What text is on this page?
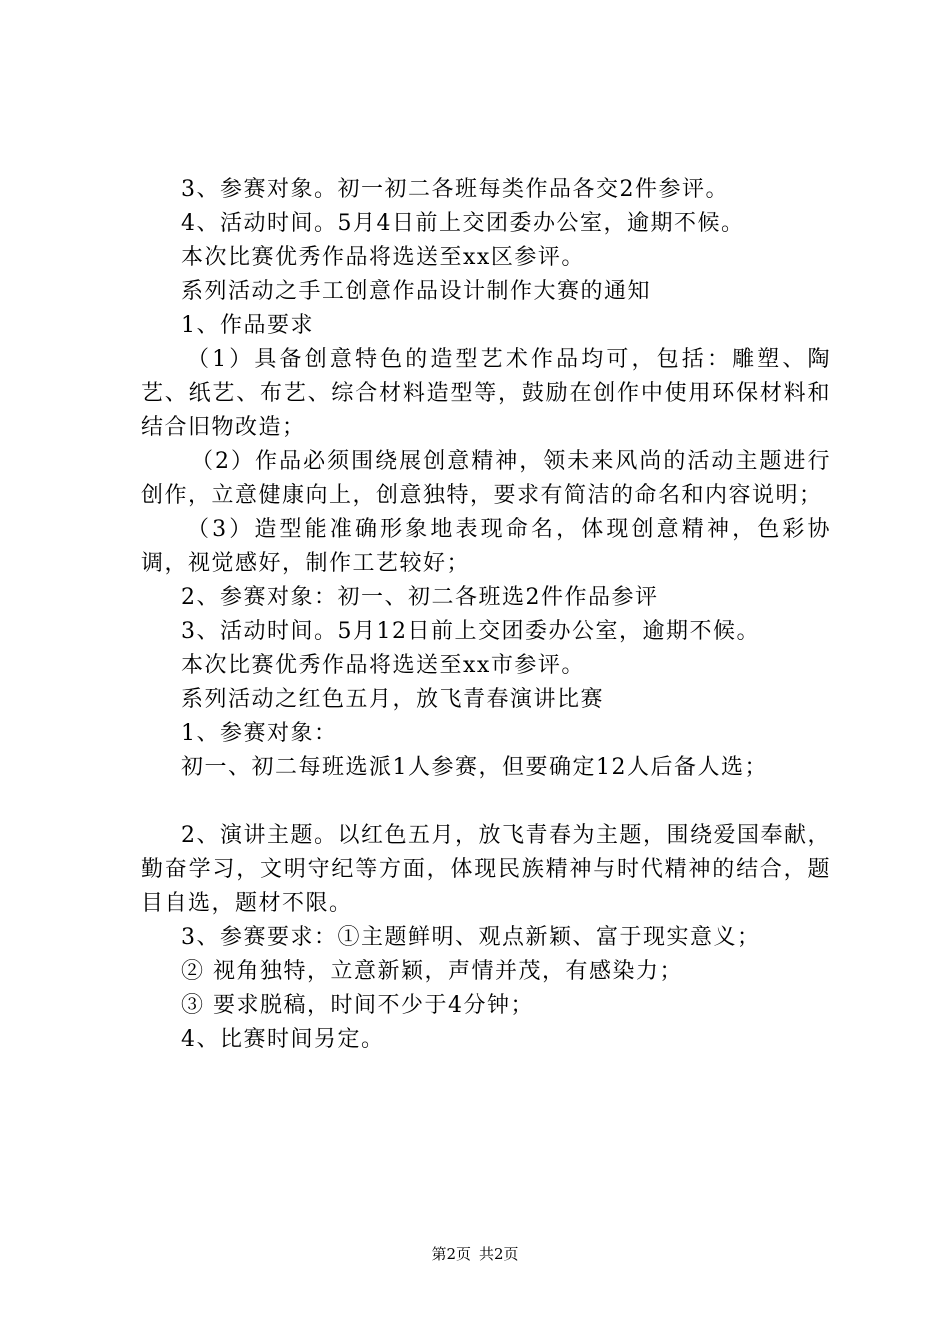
3、参赛对象。初一初二各班每类作品各交2件参评。

4、活动时间。5月4日前上交团委办公室，逾期不候。

本次比赛优秀作品将选送至xx区参评。

系列活动之手工创意作品设计制作大赛的通知

1、作品要求

（1）具备创意特色的造型艺术作品均可，包括：雕塑、陶艺、纸艺、布艺、综合材料造型等，鼓励在创作中使用环保材料和结合旧物改造；

（2）作品必须围绕展创意精神，领未来风尚的活动主题进行创作，立意健康向上，创意独特，要求有简洁的命名和内容说明；

（3）造型能准确形象地表现命名，体现创意精神，色彩协调，视觉感好，制作工艺较好；

2、参赛对象：初一、初二各班选2件作品参评

3、活动时间。5月12日前上交团委办公室，逾期不候。

本次比赛优秀作品将选送至xx市参评。

系列活动之红色五月，放飞青春演讲比赛

1、参赛对象：

初一、初二每班选派1人参赛，但要确定12人后备人选；

2、演讲主题。以红色五月，放飞青春为主题，围绕爱国奉献，勤奋学习，文明守纪等方面，体现民族精神与时代精神的结合，题目自选，题材不限。

3、参赛要求：①主题鲜明、观点新颖、富于现实意义；

② 视角独特，立意新颖，声情并茂，有感染力；

③ 要求脱稿，时间不少于4分钟；

4、比赛时间另定。

第2页 共2页
